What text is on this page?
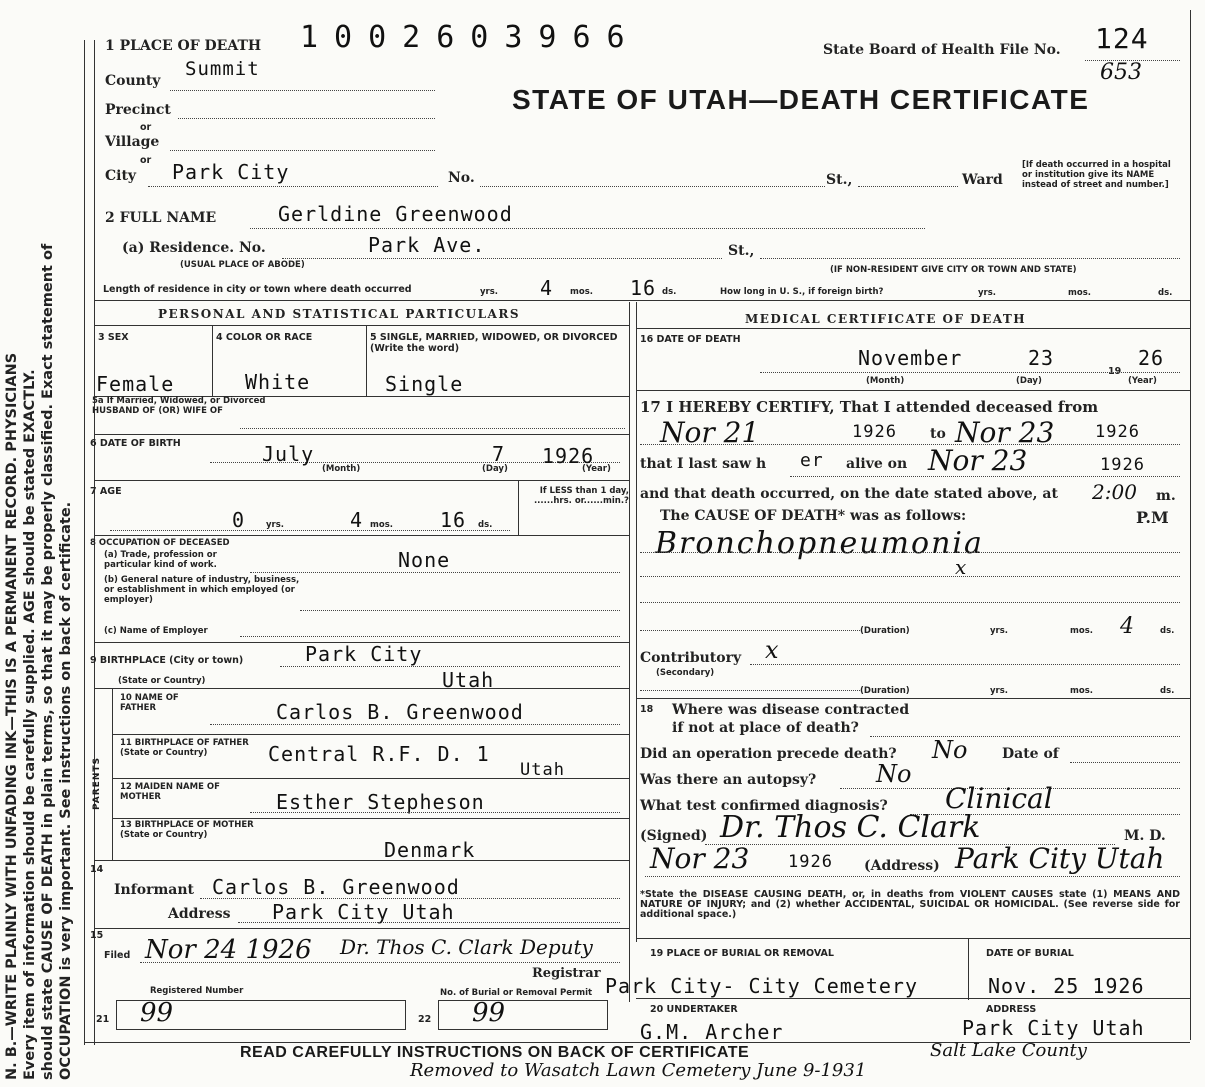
N. B.—WRITE PLAINLY WITH UNFADING INK—THIS IS A PERMANENT RECORD. PHYSICIANS Every item of information should be carefully supplied. AGE should be stated EXACTLY. should state CAUSE OF DEATH in plain terms, so that it may be properly classified. Exact statement of OCCUPATION is very important. See instructions on back of certificate.
1002603966
1 PLACE OF DEATH	State Board of Health File No. 124
653
STATE OF UTAH—DEATH CERTIFICATE
County
Summit
Precinct
or
Village
or
City Park City	No.	St.,	Ward
[If death occurred in a hospital or institution give its NAME instead of street and number.]
2 FULL NAME	Gerldine Greenwood
(a) Residence. No.	Park Ave.	St.,
(USUAL PLACE OF ABODE)	(IF NON-RESIDENT GIVE CITY OR TOWN AND STATE)
Length of residence in city or town where death occurred	yrs.	4 mos.	16 ds.	How long in U. S., if foreign birth?	yrs.	mos.	ds.
PERSONAL AND STATISTICAL PARTICULARS	MEDICAL CERTIFICATE OF DEATH
3 SEX	4 COLOR OR RACE	5 SINGLE, MARRIED, WIDOWED, OR DIVORCED (Write the word)
Female	White	Single
5a If Married, Widowed, or Divorced HUSBAND OF (OR) WIFE OF
6 DATE OF BIRTH	July	7 1926
(Month)	(Day)	(Year)
7 AGE
0 yrs.	4 mos.	16 ds.
If LESS than 1 day, ......hrs. or......min.?
8 OCCUPATION OF DECEASED
(a) Trade, profession or particular kind of work.	None
(b) General nature of industry, business, or establishment in which employed (or employer)
(c) Name of Employer
9 BIRTHPLACE (City or town)	Park City
(State or Country)	Utah
PARENTS
10 NAME OF FATHER	Carlos B. Greenwood
11 BIRTHPLACE OF FATHER (State or Country)	Central R.F. D. 1
Utah
12 MAIDEN NAME OF MOTHER	Esther Stepheson
13 BIRTHPLACE OF MOTHER (State or Country)
Denmark
14
Informant Carlos B. Greenwood
Address Park City Utah
15
Filed Nor 24 1926 Dr. Thos C. Clark Deputy
Registrar
Registered Number	No. of Burial or Removal Permit
21 99	22 99
16 DATE OF DEATH
November	23
19
26
(Month)	(Day)	(Year)
17 I HEREBY CERTIFY, That I attended deceased from
Nor 21	1926 to Nor 23 1926
that I last saw h er alive on Nor 23	1926
and that death occurred, on the date stated above, at 2:00 m.
The CAUSE OF DEATH* was as follows:	P.M
Bronchopneumonia
x
(Duration)	yrs.	mos.	4	ds.
Contributory
(Secondary)
x
(Duration)	yrs.	mos.	ds.
18	Where was disease contracted
if not at place of death?
Did an operation precede death? No Date of
Was there an autopsy? No
What test confirmed diagnosis? Clinical
(Signed) Dr. Thos C. Clark	M. D.
Nor 23 1926 (Address) Park City Utah
*State the DISEASE CAUSING DEATH, or, in deaths from VIOLENT CAUSES state (1) MEANS AND NATURE OF INJURY; and (2) whether ACCIDENTAL, SUICIDAL OR HOMICIDAL. (See reverse side for additional space.)
19 PLACE OF BURIAL OR REMOVAL	DATE OF BURIAL
Park City- City Cemetery	Nov. 25 1926
20 UNDERTAKER	ADDRESS
G.M. Archer	Park City Utah
READ CAREFULLY INSTRUCTIONS ON BACK OF CERTIFICATE	Salt Lake County
Removed to Wasatch Lawn Cemetery June 9-1931
